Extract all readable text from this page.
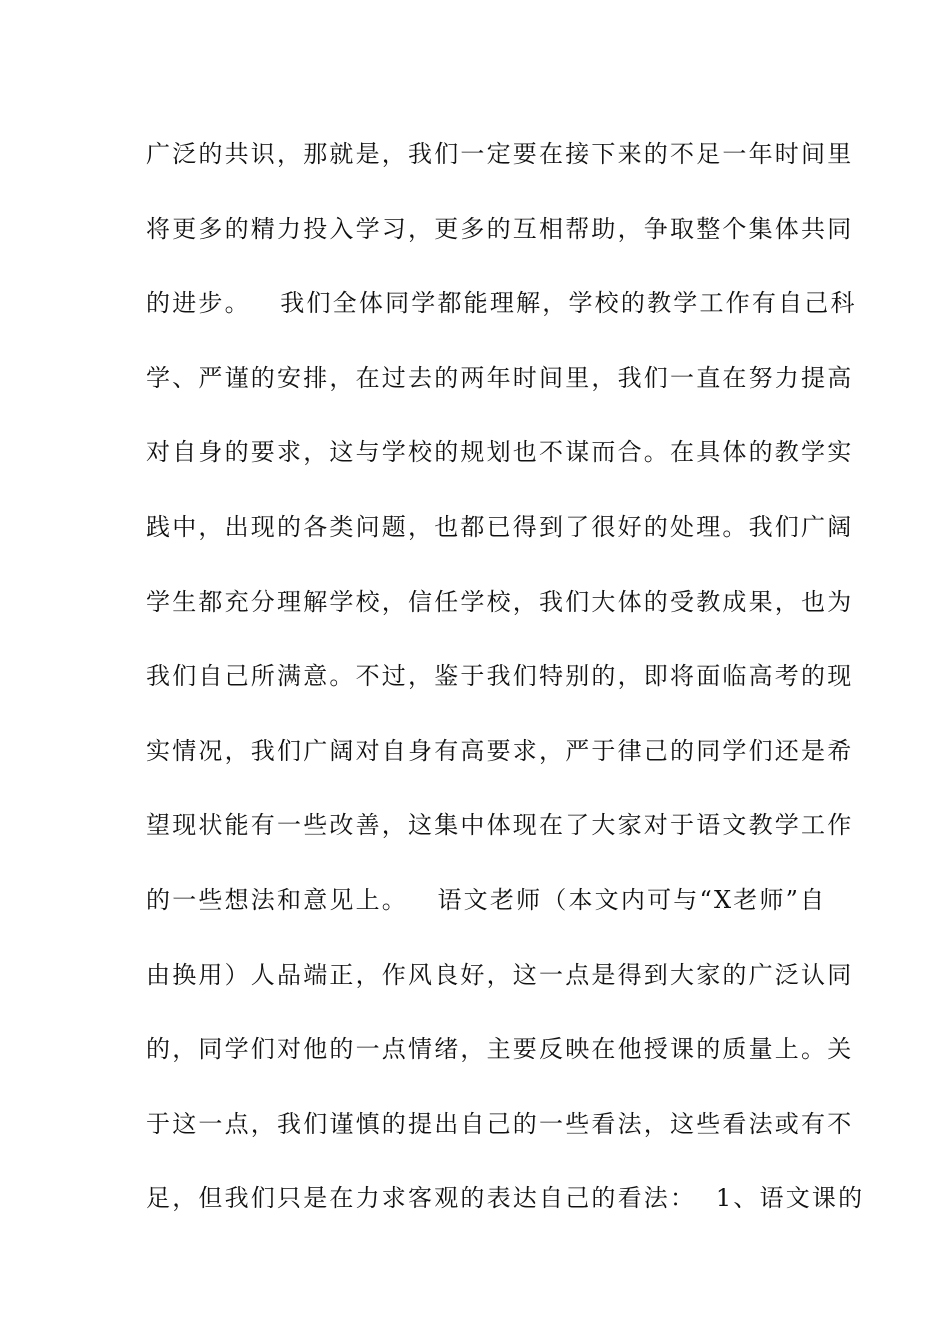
广泛的共识，那就是，我们一定要在接下来的不足一年时间里
将更多的精力投入学习，更多的互相帮助，争取整个集体共同
的进步。   我们全体同学都能理解，学校的教学工作有自己科
学、严谨的安排，在过去的两年时间里，我们一直在努力提高
对自身的要求，这与学校的规划也不谋而合。在具体的教学实
践中，出现的各类问题，也都已得到了很好的处理。我们广阔
学生都充分理解学校，信任学校，我们大体的受教成果，也为
我们自己所满意。不过，鉴于我们特别的，即将面临高考的现
实情况，我们广阔对自身有高要求，严于律己的同学们还是希
望现状能有一些改善，这集中体现在了大家对于语文教学工作
的一些想法和意见上。   语文老师（本文内可与“X老师”自
由换用）人品端正，作风良好，这一点是得到大家的广泛认同
的，同学们对他的一点情绪，主要反映在他授课的质量上。关
于这一点，我们谨慎的提出自己的一些看法，这些看法或有不
足，但我们只是在力求客观的表达自己的看法：  1、语文课的
